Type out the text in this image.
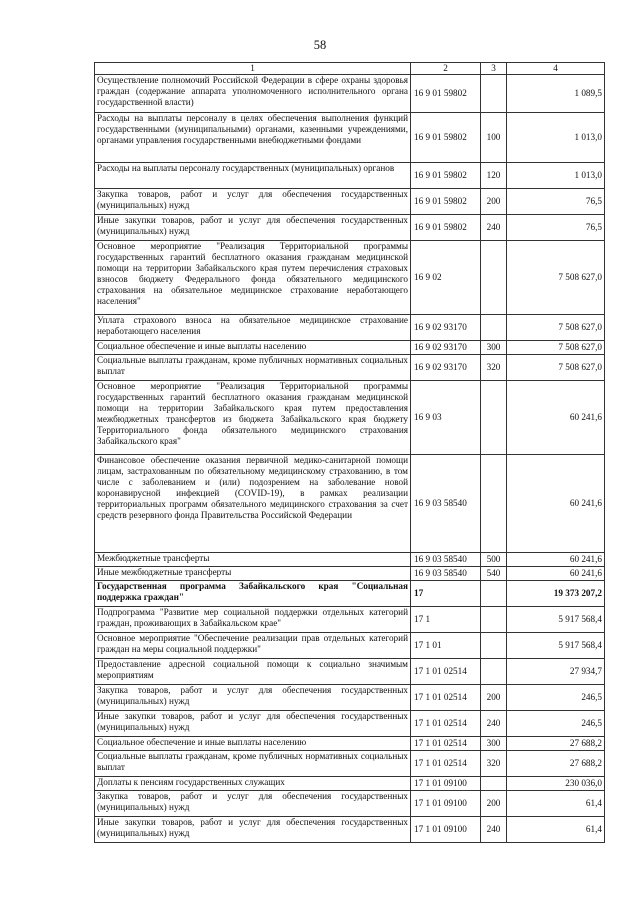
58
1	2	3	4
Осуществление полномочий Российской Федерации в сфере охраны здоровья граждан (содержание аппарата уполномоченного исполнительного органа государственной власти)	16 9 01 59802		1 089,5
Расходы на выплаты персоналу в целях обеспечения выполнения функций государственными (муниципальными) органами, казенными учреждениями, органами управления государственными внебюджетными фондами	16 9 01 59802	100	1 013,0
Расходы на выплаты персоналу государственных (муниципальных) органов	16 9 01 59802	120	1 013,0
Закупка товаров, работ и услуг для обеспечения государственных (муниципальных) нужд	16 9 01 59802	200	76,5
Иные закупки товаров, работ и услуг для обеспечения государственных (муниципальных) нужд	16 9 01 59802	240	76,5
Основное мероприятие "Реализация Территориальной программы государственных гарантий бесплатного оказания гражданам медицинской помощи на территории Забайкальского края путем перечисления страховых взносов бюджету Федерального фонда обязательного медицинского страхования на обязательное медицинское страхование неработающего населения"	16 9 02		7 508 627,0
Уплата страхового взноса на обязательное медицинское страхование неработающего населения	16 9 02 93170		7 508 627,0
Социальное обеспечение и иные выплаты населению	16 9 02 93170	300	7 508 627,0
Социальные выплаты гражданам, кроме публичных нормативных социальных выплат	16 9 02 93170	320	7 508 627,0
Основное мероприятие "Реализация Территориальной программы государственных гарантий бесплатного оказания гражданам медицинской помощи на территории Забайкальского края путем предоставления межбюджетных трансфертов из бюджета Забайкальского края бюджету Территориального фонда обязательного медицинского страхования Забайкальского края"	16 9 03		60 241,6
Финансовое обеспечение оказания первичной медико-санитарной помощи лицам, застрахованным по обязательному медицинскому страхованию, в том числе с заболеванием и (или) подозрением на заболевание новой коронавирусной инфекцией (COVID-19), в рамках реализации территориальных программ обязательного медицинского страхования за счет средств резервного фонда Правительства Российской Федерации	16 9 03 58540		60 241,6
Межбюджетные трансферты	16 9 03 58540	500	60 241,6
Иные межбюджетные трансферты	16 9 03 58540	540	60 241,6
Государственная программа Забайкальского края "Социальная поддержка граждан"	17		19 373 207,2
Подпрограмма "Развитие мер социальной поддержки отдельных категорий граждан, проживающих в Забайкальском крае"	17 1		5 917 568,4
Основное мероприятие "Обеспечение реализации прав отдельных категорий граждан на меры социальной поддержки"	17 1 01		5 917 568,4
Предоставление адресной социальной помощи к социально значимым мероприятиям	17 1 01 02514		27 934,7
Закупка товаров, работ и услуг для обеспечения государственных (муниципальных) нужд	17 1 01 02514	200	246,5
Иные закупки товаров, работ и услуг для обеспечения государственных (муниципальных) нужд	17 1 01 02514	240	246,5
Социальное обеспечение и иные выплаты населению	17 1 01 02514	300	27 688,2
Социальные выплаты гражданам, кроме публичных нормативных социальных выплат	17 1 01 02514	320	27 688,2
Доплаты к пенсиям государственных служащих	17 1 01 09100		230 036,0
Закупка товаров, работ и услуг для обеспечения государственных (муниципальных) нужд	17 1 01 09100	200	61,4
Иные закупки товаров, работ и услуг для обеспечения государственных (муниципальных) нужд	17 1 01 09100	240	61,4
